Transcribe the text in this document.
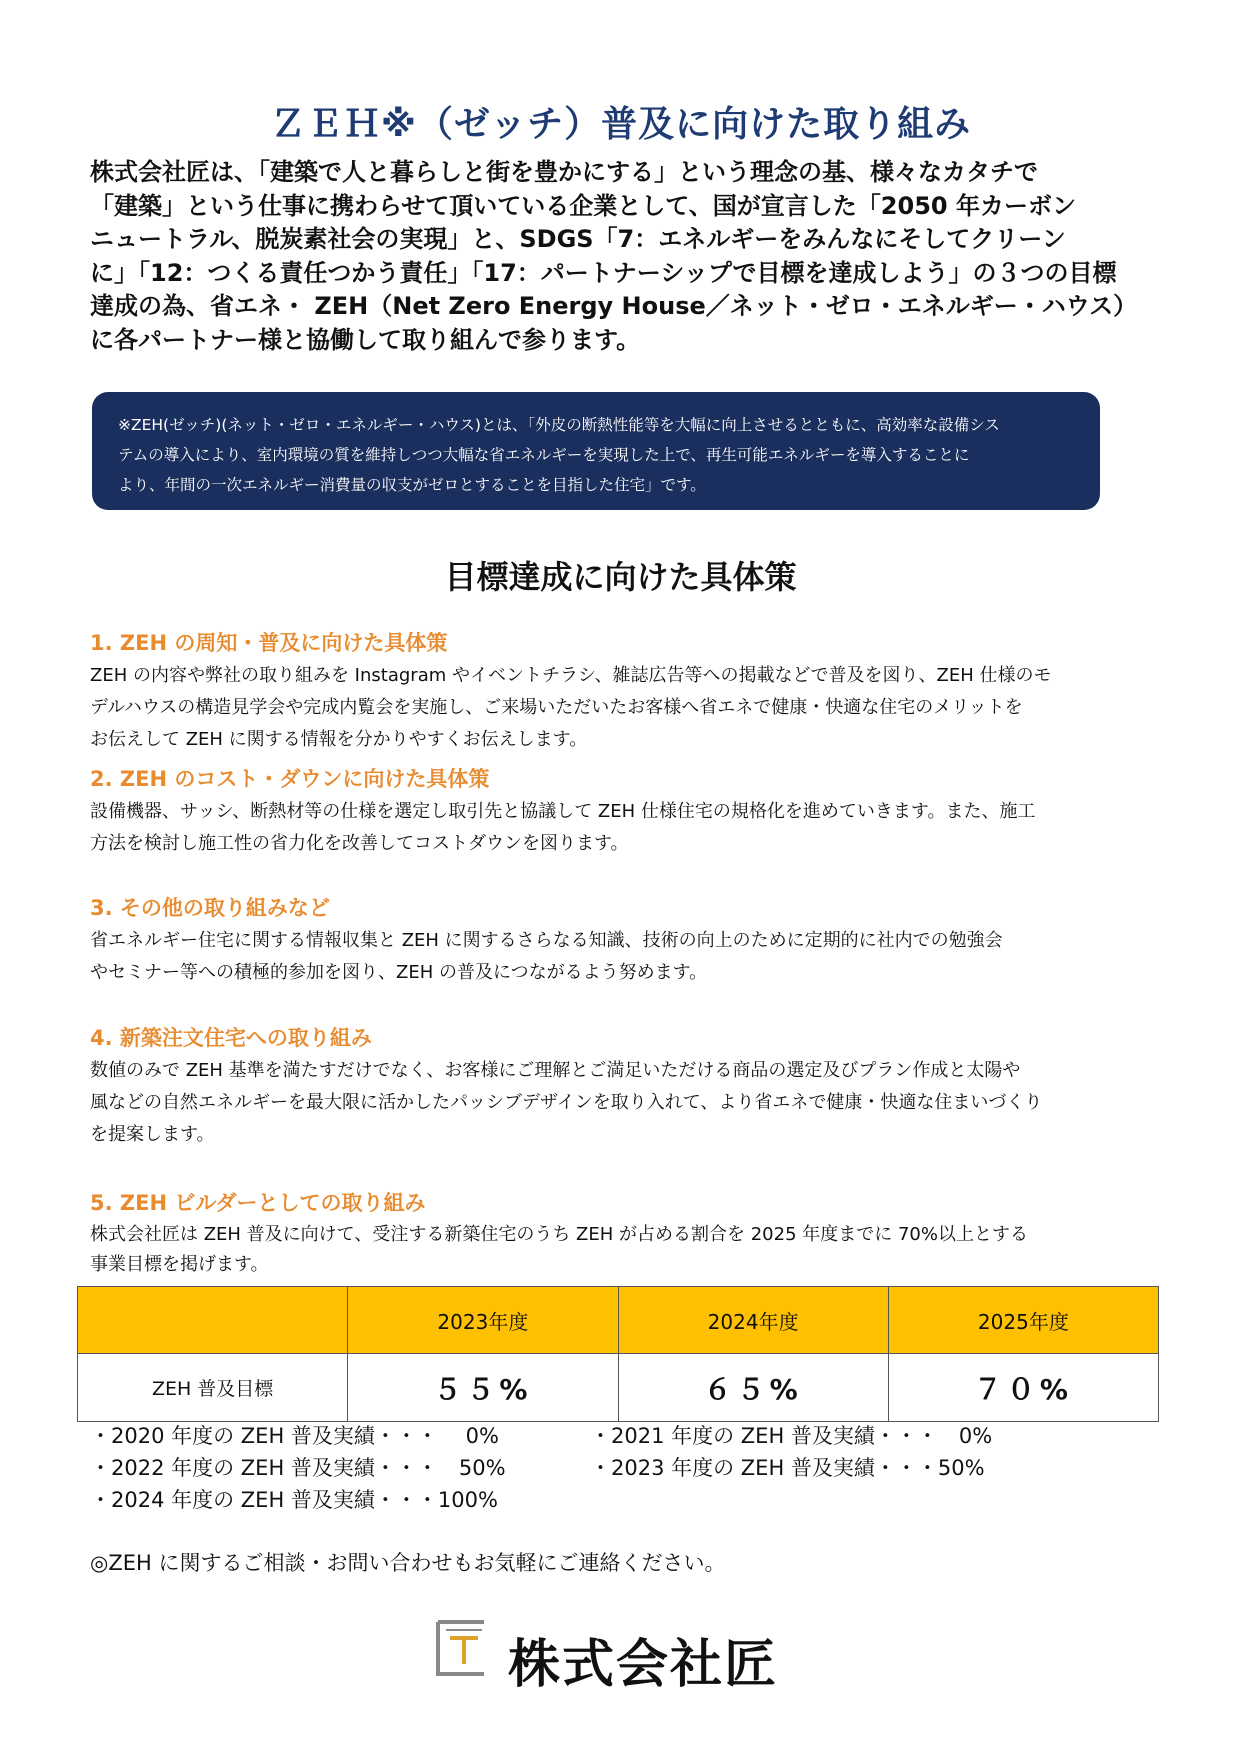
ＺＥＨ※（ゼッチ）普及に向けた取り組み

株式会社匠は、「建築で人と暮らしと街を豊かにする」という理念の基、様々なカタチで

「建築」という仕事に携わらせて頂いている企業として、国が宣言した「2050 年カーボン

ニュートラル、脱炭素社会の実現」と、SDGS「7：エネルギーをみんなにそしてクリーン

に」「12：つくる責任つかう責任」「17：パートナーシップで目標を達成しよう」の３つの目標

達成の為、省エネ・ ZEH（Net Zero Energy House／ネット・ゼロ・エネルギー・ハウス）

に各パートナー様と協働して取り組んで参ります。

※ZEH(ゼッチ)(ネット・ゼロ・エネルギー・ハウス)とは、「外皮の断熱性能等を大幅に向上させるとともに、高効率な設備シス

テムの導入により、室内環境の質を維持しつつ大幅な省エネルギーを実現した上で、再生可能エネルギーを導入することに

より、年間の一次エネルギー消費量の収支がゼロとすることを目指した住宅」です。

目標達成に向けた具体策

1. ZEH の周知・普及に向けた具体策

ZEH の内容や弊社の取り組みを Instagram やイベントチラシ、雑誌広告等への掲載などで普及を図り、ZEH 仕様のモ

デルハウスの構造見学会や完成内覧会を実施し、ご来場いただいたお客様へ省エネで健康・快適な住宅のメリットを

お伝えして ZEH に関する情報を分かりやすくお伝えします。

2. ZEH のコスト・ダウンに向けた具体策

設備機器、サッシ、断熱材等の仕様を選定し取引先と協議して ZEH 仕様住宅の規格化を進めていきます。また、施工

方法を検討し施工性の省力化を改善してコストダウンを図ります。

3. その他の取り組みなど

省エネルギー住宅に関する情報収集と ZEH に関するさらなる知識、技術の向上のために定期的に社内での勉強会

やセミナー等への積極的参加を図り、ZEH の普及につながるよう努めます。

4. 新築注文住宅への取り組み

数値のみで ZEH 基準を満たすだけでなく、お客様にご理解とご満足いただける商品の選定及びプラン作成と太陽や

風などの自然エネルギーを最大限に活かしたパッシブデザインを取り入れて、より省エネで健康・快適な住まいづくり

を提案します。

5. ZEH ビルダーとしての取り組み

株式会社匠は ZEH 普及に向けて、受注する新築住宅のうち ZEH が占める割合を 2025 年度までに 70%以上とする

事業目標を掲げます。

	2023年度	2024年度	2025年度
ZEH 普及目標	５５%	６５%	７０%
・2020 年度の ZEH 普及実績・・・　 0%	・2021 年度の ZEH 普及実績・・・　0%
・2022 年度の ZEH 普及実績・・・　50%	・2023 年度の ZEH 普及実績・・・50%
・2024 年度の ZEH 普及実績・・・100%
◎ZEH に関するご相談・お問い合わせもお気軽にご連絡ください。
株式会社匠
